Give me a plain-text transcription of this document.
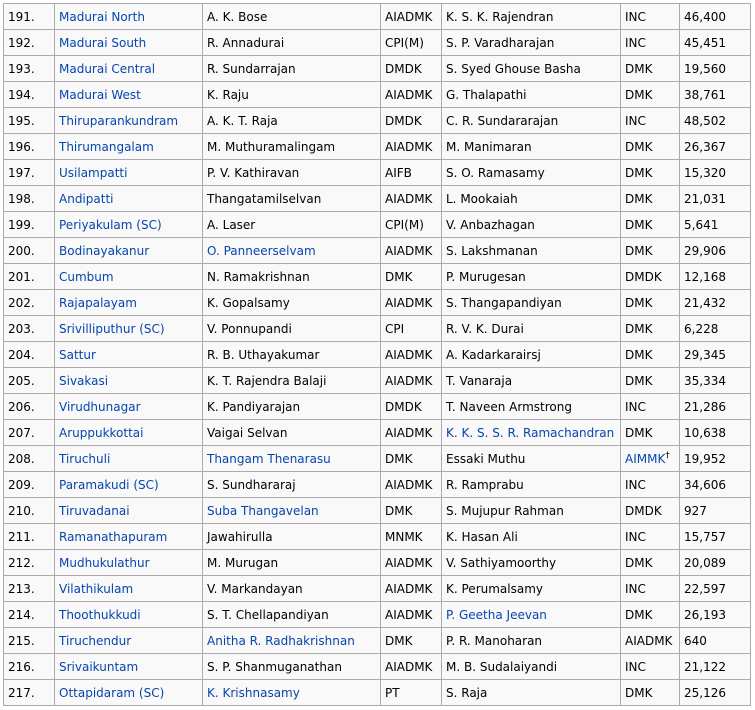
191.	Madurai North	A. K. Bose	AIADMK	K. S. K. Rajendran	INC	46,400
192.	Madurai South	R. Annadurai	CPI(M)	S. P. Varadharajan	INC	45,451
193.	Madurai Central	R. Sundarrajan	DMDK	S. Syed Ghouse Basha	DMK	19,560
194.	Madurai West	K. Raju	AIADMK	G. Thalapathi	DMK	38,761
195.	Thiruparankundram	A. K. T. Raja	DMDK	C. R. Sundararajan	INC	48,502
196.	Thirumangalam	M. Muthuramalingam	AIADMK	M. Manimaran	DMK	26,367
197.	Usilampatti	P. V. Kathiravan	AIFB	S. O. Ramasamy	DMK	15,320
198.	Andipatti	Thangatamilselvan	AIADMK	L. Mookaiah	DMK	21,031
199.	Periyakulam (SC)	A. Laser	CPI(M)	V. Anbazhagan	DMK	5,641
200.	Bodinayakanur	O. Panneerselvam	AIADMK	S. Lakshmanan	DMK	29,906
201.	Cumbum	N. Ramakrishnan	DMK	P. Murugesan	DMDK	12,168
202.	Rajapalayam	K. Gopalsamy	AIADMK	S. Thangapandiyan	DMK	21,432
203.	Srivilliputhur (SC)	V. Ponnupandi	CPI	R. V. K. Durai	DMK	6,228
204.	Sattur	R. B. Uthayakumar	AIADMK	A. Kadarkarairsj	DMK	29,345
205.	Sivakasi	K. T. Rajendra Balaji	AIADMK	T. Vanaraja	DMK	35,334
206.	Virudhunagar	K. Pandiyarajan	DMDK	T. Naveen Armstrong	INC	21,286
207.	Aruppukkottai	Vaigai Selvan	AIADMK	K. K. S. S. R. Ramachandran	DMK	10,638
208.	Tiruchuli	Thangam Thenarasu	DMK	Essaki Muthu	AIMMK†	19,952
209.	Paramakudi (SC)	S. Sundhararaj	AIADMK	R. Ramprabu	INC	34,606
210.	Tiruvadanai	Suba Thangavelan	DMK	S. Mujupur Rahman	DMDK	927
211.	Ramanathapuram	Jawahirulla	MNMK	K. Hasan Ali	INC	15,757
212.	Mudhukulathur	M. Murugan	AIADMK	V. Sathiyamoorthy	DMK	20,089
213.	Vilathikulam	V. Markandayan	AIADMK	K. Perumalsamy	INC	22,597
214.	Thoothukkudi	S. T. Chellapandiyan	AIADMK	P. Geetha Jeevan	DMK	26,193
215.	Tiruchendur	Anitha R. Radhakrishnan	DMK	P. R. Manoharan	AIADMK	640
216.	Srivaikuntam	S. P. Shanmuganathan	AIADMK	M. B. Sudalaiyandi	INC	21,122
217.	Ottapidaram (SC)	K. Krishnasamy	PT	S. Raja	DMK	25,126
